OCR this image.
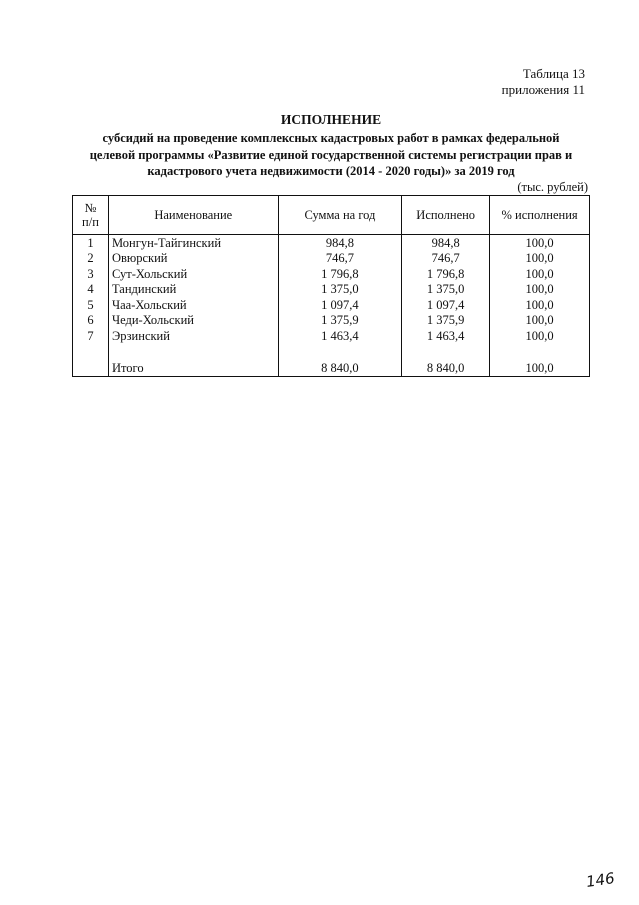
Таблица 13
приложения 11
ИСПОЛНЕНИЕ
субсидий на проведение комплексных кадастровых работ в рамках федеральной
целевой программы «Развитие единой государственной системы регистрации прав и
кадастрового учета недвижимости (2014 - 2020 годы)» за 2019 год
(тыс. рублей)
№ п/п	Наименование	Сумма на год	Исполнено	% исполнения
1	Монгун-Тайгинский	984,8	984,8	100,0
2	Овюрский	746,7	746,7	100,0
3	Сут-Хольский	1 796,8	1 796,8	100,0
4	Тандинский	1 375,0	1 375,0	100,0
5	Чаа-Хольский	1 097,4	1 097,4	100,0
6	Чеди-Хольский	1 375,9	1 375,9	100,0
7	Эрзинский	1 463,4	1 463,4	100,0

	Итого	8 840,0	8 840,0	100,0
146
